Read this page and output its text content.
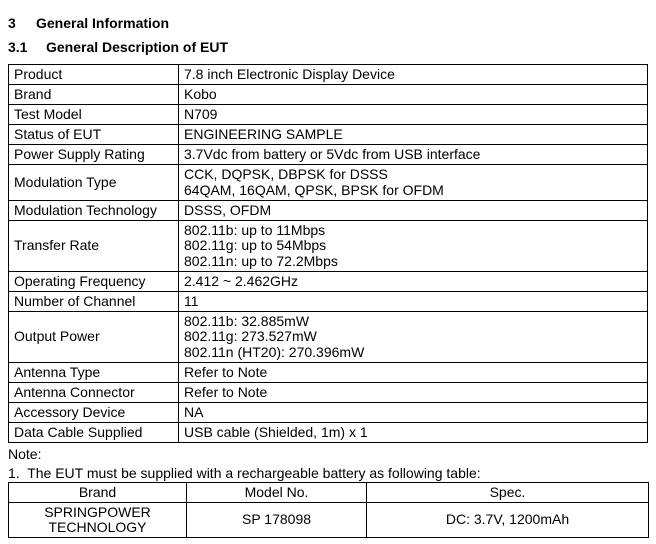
3 General Information
3.1 General Description of EUT
Product	7.8 inch Electronic Display Device
Brand	Kobo
Test Model	N709
Status of EUT	ENGINEERING SAMPLE
Power Supply Rating	3.7Vdc from battery or 5Vdc from USB interface
Modulation Type	CCK, DQPSK, DBPSK for DSSS
64QAM, 16QAM, QPSK, BPSK for OFDM
Modulation Technology	DSSS, OFDM
Transfer Rate	802.11b: up to 11Mbps
802.11g: up to 54Mbps
802.11n: up to 72.2Mbps
Operating Frequency	2.412 ~ 2.462GHz
Number of Channel	11
Output Power	802.11b: 32.885mW
802.11g: 273.527mW
802.11n (HT20): 270.396mW
Antenna Type	Refer to Note
Antenna Connector	Refer to Note
Accessory Device	NA
Data Cable Supplied	USB cable (Shielded, 1m) x 1
Note:
1.  The EUT must be supplied with a rechargeable battery as following table:
Brand	Model No.	Spec.
SPRINGPOWER
TECHNOLOGY	SP 178098	DC: 3.7V, 1200mAh
